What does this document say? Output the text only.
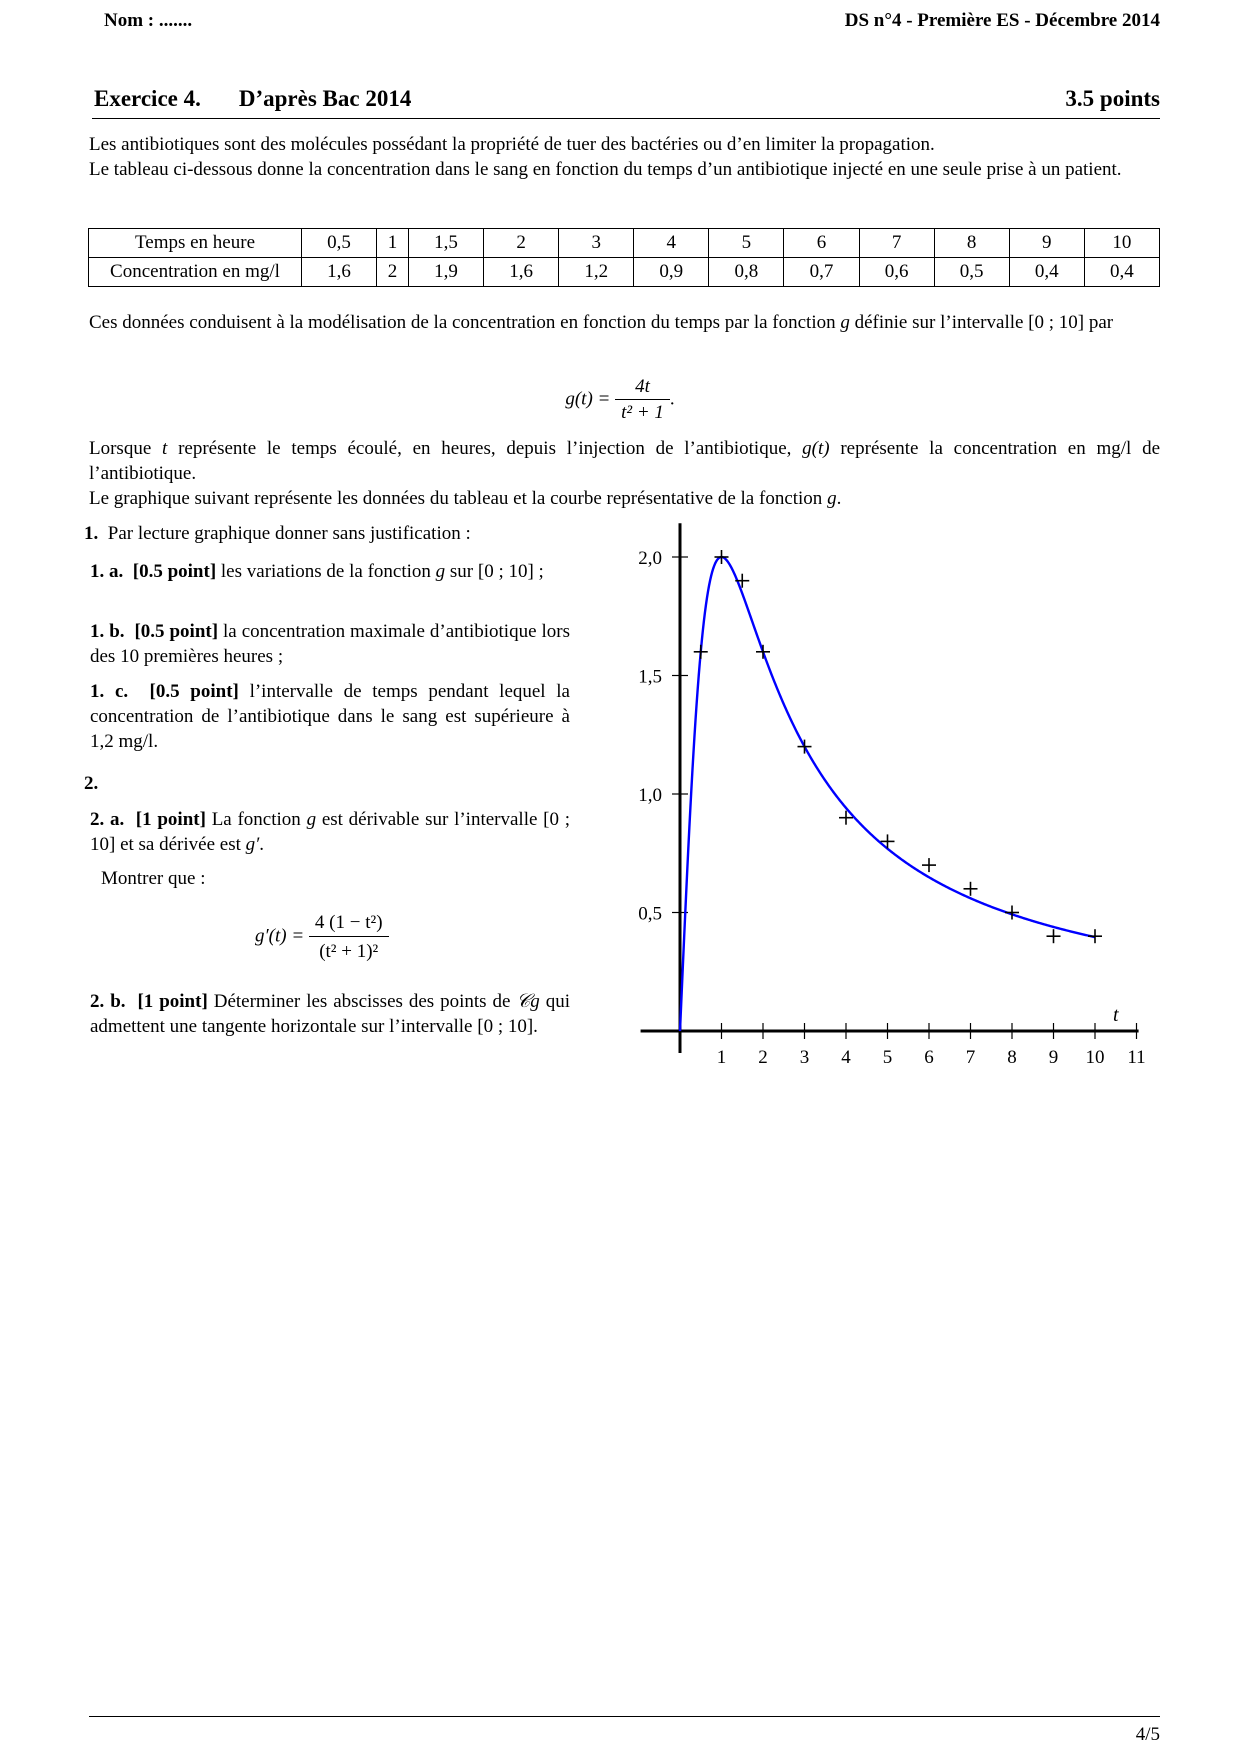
Nom : .......	DS n°4 - Première ES - Décembre 2014
Exercice 4. D’après Bac 2014	3.5 points

Les antibiotiques sont des molécules possédant la propriété de tuer des bactéries ou d’en limiter la propagation.

Le tableau ci-dessous donne la concentration dans le sang en fonction du temps d’un antibiotique injecté en une seule prise à un patient.

Temps en heure	0,5	1	1,5	2	3	4	5	6	7	8	9	10
Concentration en mg/l	1,6	2	1,9	1,6	1,2	0,9	0,8	0,7	0,6	0,5	0,4	0,4
Ces données conduisent à la modélisation de la concentration en fonction du temps par la fonction g définie sur l’intervalle [0 ; 10] par
$g(t) = \frac{4t}{\text{t² + 1}}$ .

Lorsque t représente le temps écoulé, en heures, depuis l’injection de l’antibiotique, g(t) représente la concentration en mg/l de l’antibiotique.

Le graphique suivant représente les données du tableau et la courbe représentative de la fonction g.

1. Par lecture graphique donner sans justification :
1. a. [0.5 point] les variations de la fonction g sur [0 ; 10] ;
1. b. [0.5 point] la concentration maximale d’antibiotique lors des 10 premières heures ;
1. c. [0.5 point] l’intervalle de temps pendant lequel la concentration de l’antibiotique dans le sang est supérieure à 1,2 mg/l.
2.
2. a. [1 point] La fonction g est dérivable sur l’intervalle [0 ; 10] et sa dérivée est g′.
Montrer que :
$g'(t) = \frac{\text{4 (1 − t²)}}{\text{(t² + 1)²}}$
2. b. [1 point] Déterminer les abscisses des points de 𝒞g qui admettent une tangente horizontale sur l’intervalle [0 ; 10].
t
1 2 3 4 5 6 7 8 9 10 11
0,5
1,0
1,5
2,0
4/5
